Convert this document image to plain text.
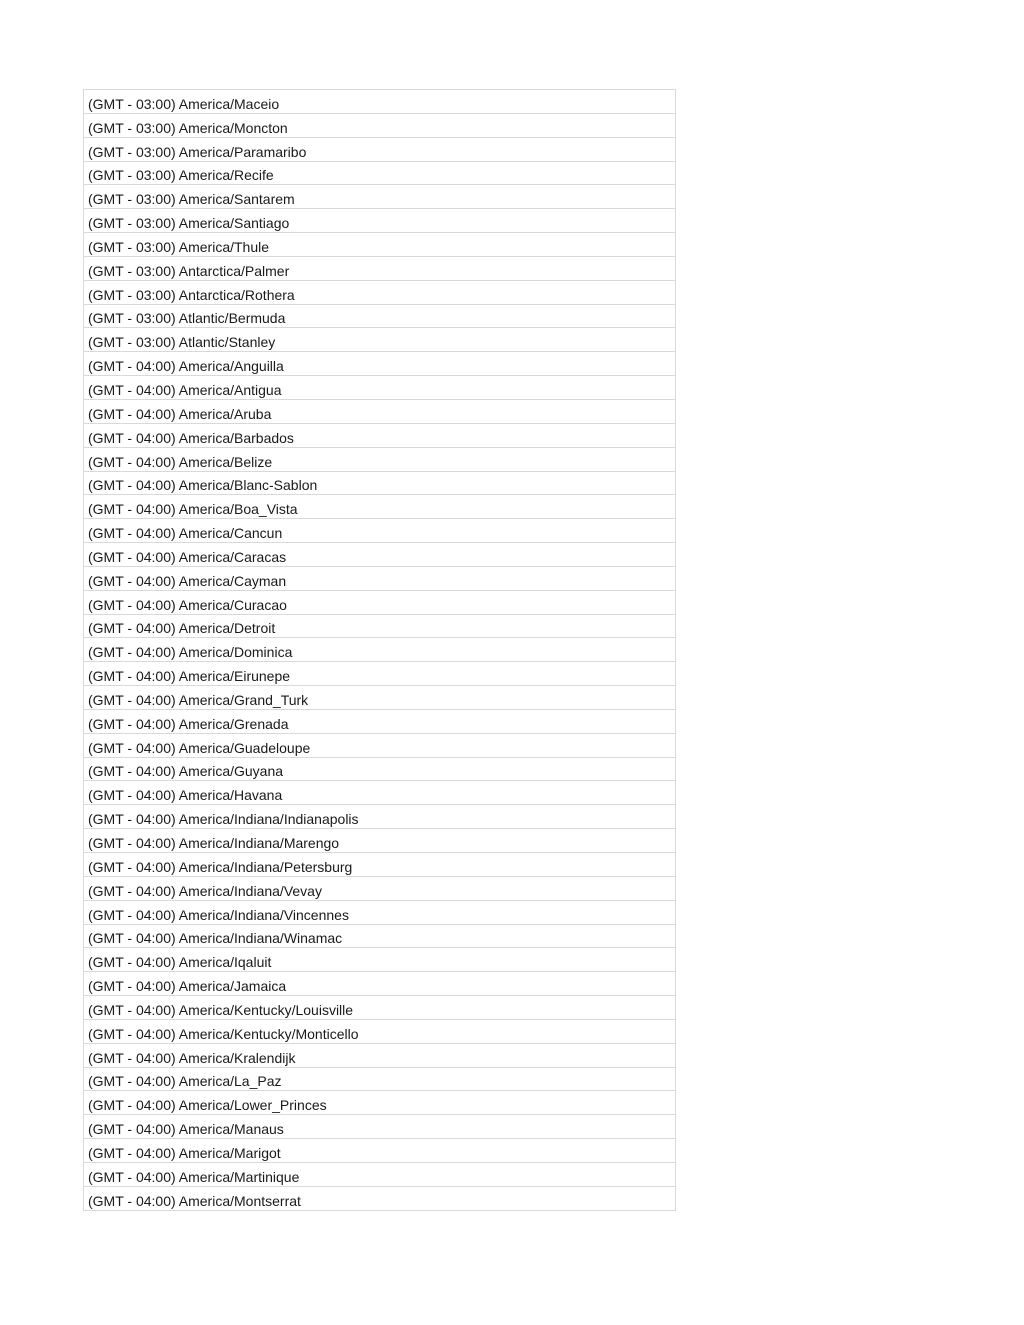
(GMT - 03:00) America/Maceio
(GMT - 03:00) America/Moncton
(GMT - 03:00) America/Paramaribo
(GMT - 03:00) America/Recife
(GMT - 03:00) America/Santarem
(GMT - 03:00) America/Santiago
(GMT - 03:00) America/Thule
(GMT - 03:00) Antarctica/Palmer
(GMT - 03:00) Antarctica/Rothera
(GMT - 03:00) Atlantic/Bermuda
(GMT - 03:00) Atlantic/Stanley
(GMT - 04:00) America/Anguilla
(GMT - 04:00) America/Antigua
(GMT - 04:00) America/Aruba
(GMT - 04:00) America/Barbados
(GMT - 04:00) America/Belize
(GMT - 04:00) America/Blanc-Sablon
(GMT - 04:00) America/Boa_Vista
(GMT - 04:00) America/Cancun
(GMT - 04:00) America/Caracas
(GMT - 04:00) America/Cayman
(GMT - 04:00) America/Curacao
(GMT - 04:00) America/Detroit
(GMT - 04:00) America/Dominica
(GMT - 04:00) America/Eirunepe
(GMT - 04:00) America/Grand_Turk
(GMT - 04:00) America/Grenada
(GMT - 04:00) America/Guadeloupe
(GMT - 04:00) America/Guyana
(GMT - 04:00) America/Havana
(GMT - 04:00) America/Indiana/Indianapolis
(GMT - 04:00) America/Indiana/Marengo
(GMT - 04:00) America/Indiana/Petersburg
(GMT - 04:00) America/Indiana/Vevay
(GMT - 04:00) America/Indiana/Vincennes
(GMT - 04:00) America/Indiana/Winamac
(GMT - 04:00) America/Iqaluit
(GMT - 04:00) America/Jamaica
(GMT - 04:00) America/Kentucky/Louisville
(GMT - 04:00) America/Kentucky/Monticello
(GMT - 04:00) America/Kralendijk
(GMT - 04:00) America/La_Paz
(GMT - 04:00) America/Lower_Princes
(GMT - 04:00) America/Manaus
(GMT - 04:00) America/Marigot
(GMT - 04:00) America/Martinique
(GMT - 04:00) America/Montserrat
